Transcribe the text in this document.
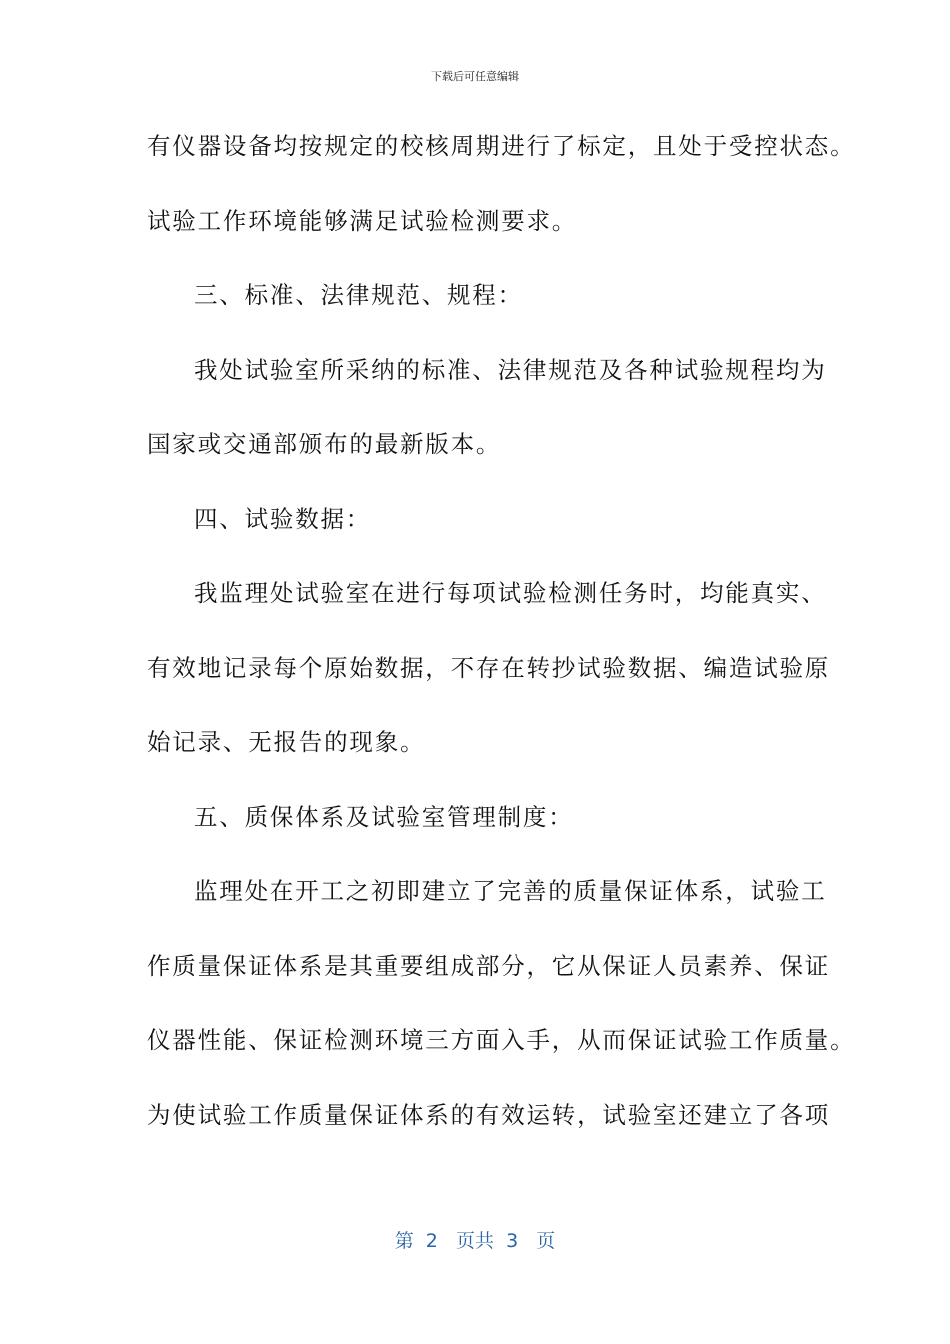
下载后可任意编辑
有仪器设备均按规定的校核周期进行了标定，且处于受控状态。
试验工作环境能够满足试验检测要求。
三、标准、法律规范、规程：
我处试验室所采纳的标准、法律规范及各种试验规程均为
国家或交通部颁布的最新版本。
四、试验数据：
我监理处试验室在进行每项试验检测任务时，均能真实、
有效地记录每个原始数据，不存在转抄试验数据、编造试验原
始记录、无报告的现象。
五、质保体系及试验室管理制度：
监理处在开工之初即建立了完善的质量保证体系，试验工
作质量保证体系是其重要组成部分，它从保证人员素养、保证
仪器性能、保证检测环境三方面入手，从而保证试验工作质量。
为使试验工作质量保证体系的有效运转，试验室还建立了各项
第  2   页共  3   页
